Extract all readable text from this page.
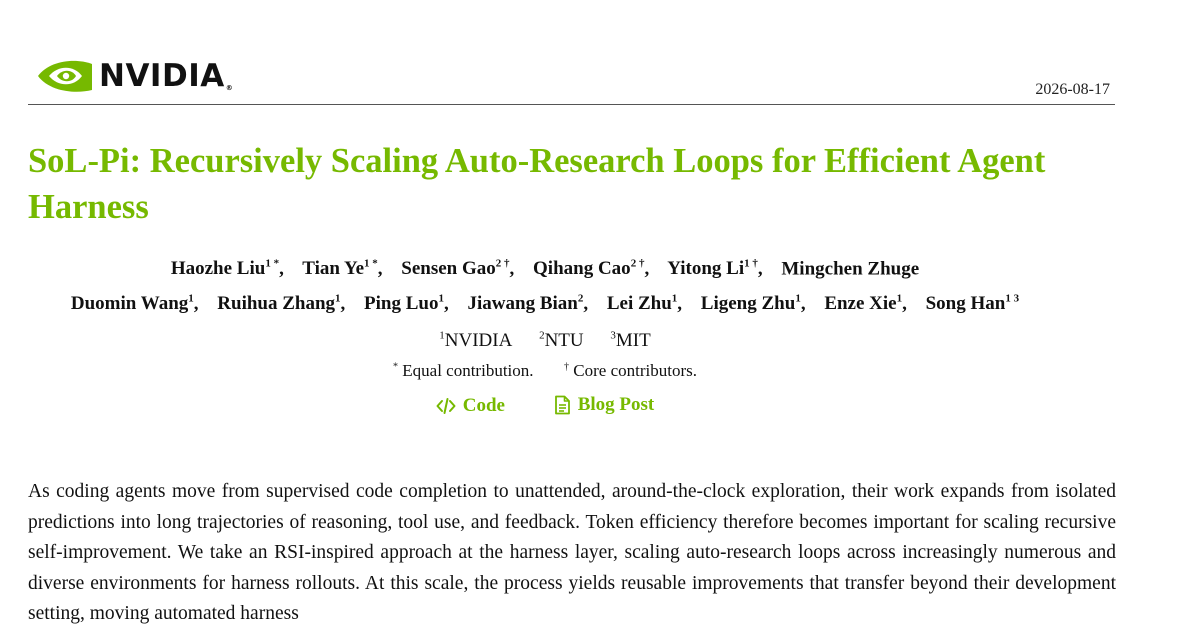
NVIDIA®	2026-08-17
SoL-Pi: Recursively Scaling Auto-Research Loops for Efficient Agent Harness

Haozhe Liu$^{1 *}$, Tian $Ye^{1 *}$, Sensen Gao$^{2 \dagger}$, Qihang Cao$^{2 \dagger}$, Yitong $Li^{1 \dagger}$, Mingchen Zhuge

Duomin Wang$^1$, Ruihua Zhang$^1$, Ping Luo$^1$, Jiawang Bian$^2$, Lei Zhu$^1$, Ligeng Zhu$^1$, Enze Xie$^1$, Song Han$^{1 3}$

$^1$NVIDIA $^2$NTU $^3$MIT

* Equal contribution.	† Core contributors.

Code
	Blog Post

As coding agents move from supervised code completion to unattended, around-the-clock exploration, their work expands from isolated predictions into long trajectories of reasoning, tool use, and feedback. Token efficiency therefore becomes important for scaling recursive self-improvement. We take an RSI-inspired approach at the harness layer, scaling auto-research loops across increasingly numerous and diverse environments for harness rollouts. At this scale, the process yields reusable improvements that transfer beyond their development setting, moving automated harness
